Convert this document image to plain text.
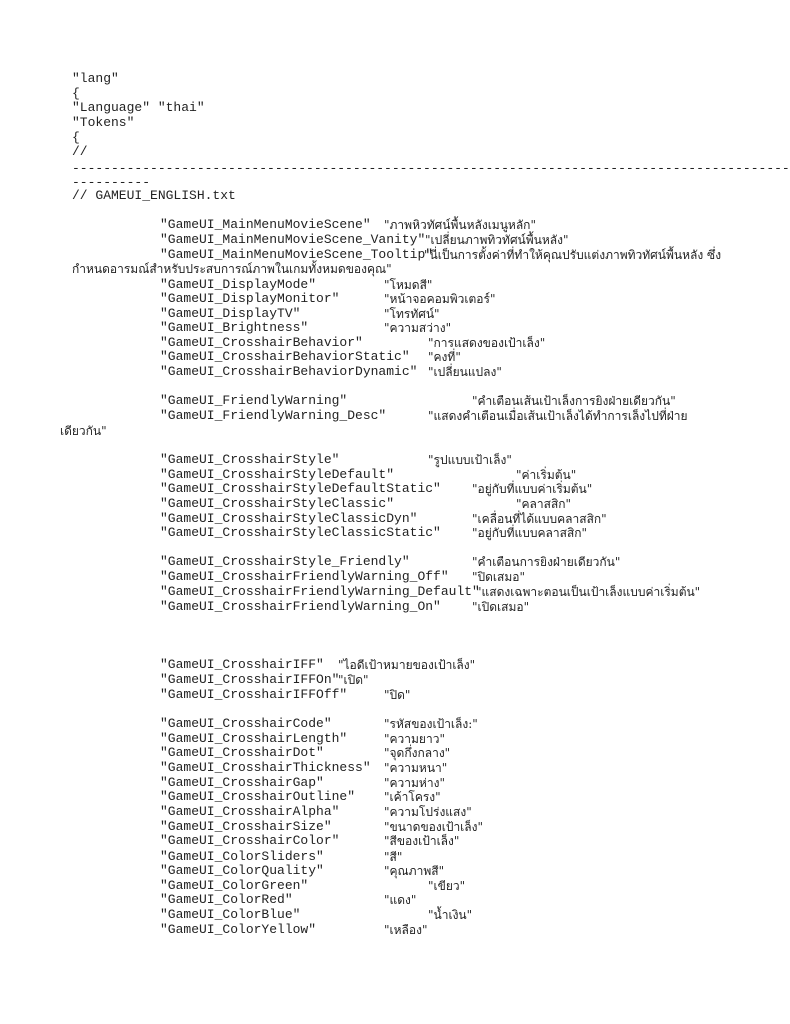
"lang"
{
"Language" "thai"
"Tokens"
{
//
--------------------------------------------------------------------------------------------
----------
// GAMEUI_ENGLISH.txt
"GameUI_MainMenuMovieScene" "ภาพหิวทัศน์พื้นหลังเมนูหลัก"
"GameUI_MainMenuMovieScene_Vanity" "เปลี่ยนภาพทิวทัศน์พื้นหลัง"
"GameUI_MainMenuMovieScene_Tooltip"
"นี่เป็นการตั้งค่าที่ทำให้คุณปรับแต่งภาพทิวทัศน์พื้นหลัง ซึ่ง
กำหนดอารมณ์สำหรับประสบการณ์ภาพในเกมทั้งหมดของคุณ"
"GameUI_DisplayMode"	"โหมดสี"
"GameUI_DisplayMonitor"	"หน้าจอคอมพิวเตอร์"
"GameUI_DisplayTV"	"โทรทัศน์"
"GameUI_Brightness"	"ความสว่าง"
"GameUI_CrosshairBehavior"	"การแสดงของเป้าเล็ง"
"GameUI_CrosshairBehaviorStatic" "คงที่"
"GameUI_CrosshairBehaviorDynamic" "เปลี่ยนแปลง"
"GameUI_FriendlyWarning"	"คำเตือนเส้นเป้าเล็งการยิงฝ่ายเดียวกัน"
"GameUI_FriendlyWarning_Desc"	"แสดงคำเตือนเมื่อเส้นเป้าเล็งได้ทำการเล็งไปที่ฝ่าย
เดียวกัน"
"GameUI_CrosshairStyle"	"รูปแบบเป้าเล็ง"
"GameUI_CrosshairStyleDefault"	"ค่าเริ่มต้น"
"GameUI_CrosshairStyleDefaultStatic"	"อยู่กับที่แบบค่าเริ่มต้น"
"GameUI_CrosshairStyleClassic"	"คลาสสิก"
"GameUI_CrosshairStyleClassicDyn"	"เคลื่อนที่ได้แบบคลาสสิก"
"GameUI_CrosshairStyleClassicStatic"	"อยู่กับที่แบบคลาสสิก"
"GameUI_CrosshairStyle_Friendly"	"คำเตือนการยิงฝ่ายเดียวกัน"
"GameUI_CrosshairFriendlyWarning_Off" "ปิดเสมอ"
"GameUI_CrosshairFriendlyWarning_Default"
"แสดงเฉพาะตอนเป็นเป้าเล็งแบบค่าเริ่มต้น"
"GameUI_CrosshairFriendlyWarning_On"	"เปิดเสมอ"
"GameUI_CrosshairIFF" "ไอดีเป้าหมายของเป้าเล็ง"
"GameUI_CrosshairIFFOn"
"เปิด"
"GameUI_CrosshairIFFOff"	"ปิด"
"GameUI_CrosshairCode"	"รหัสของเป้าเล็ง:"
"GameUI_CrosshairLength"	"ความยาว"
"GameUI_CrosshairDot"	"จุดกึ่งกลาง"
"GameUI_CrosshairThickness" "ความหนา"
"GameUI_CrosshairGap"	"ความห่าง"
"GameUI_CrosshairOutline" "เค้าโครง"
"GameUI_CrosshairAlpha"	"ความโปร่งแสง"
"GameUI_CrosshairSize"	"ขนาดของเป้าเล็ง"
"GameUI_CrosshairColor"	"สีของเป้าเล็ง"
"GameUI_ColorSliders"	"สี"
"GameUI_ColorQuality"	"คุณภาพสี"
"GameUI_ColorGreen"	"เขียว"
"GameUI_ColorRed"	"แดง"
"GameUI_ColorBlue"	"น้ำเงิน"
"GameUI_ColorYellow"	"เหลือง"
